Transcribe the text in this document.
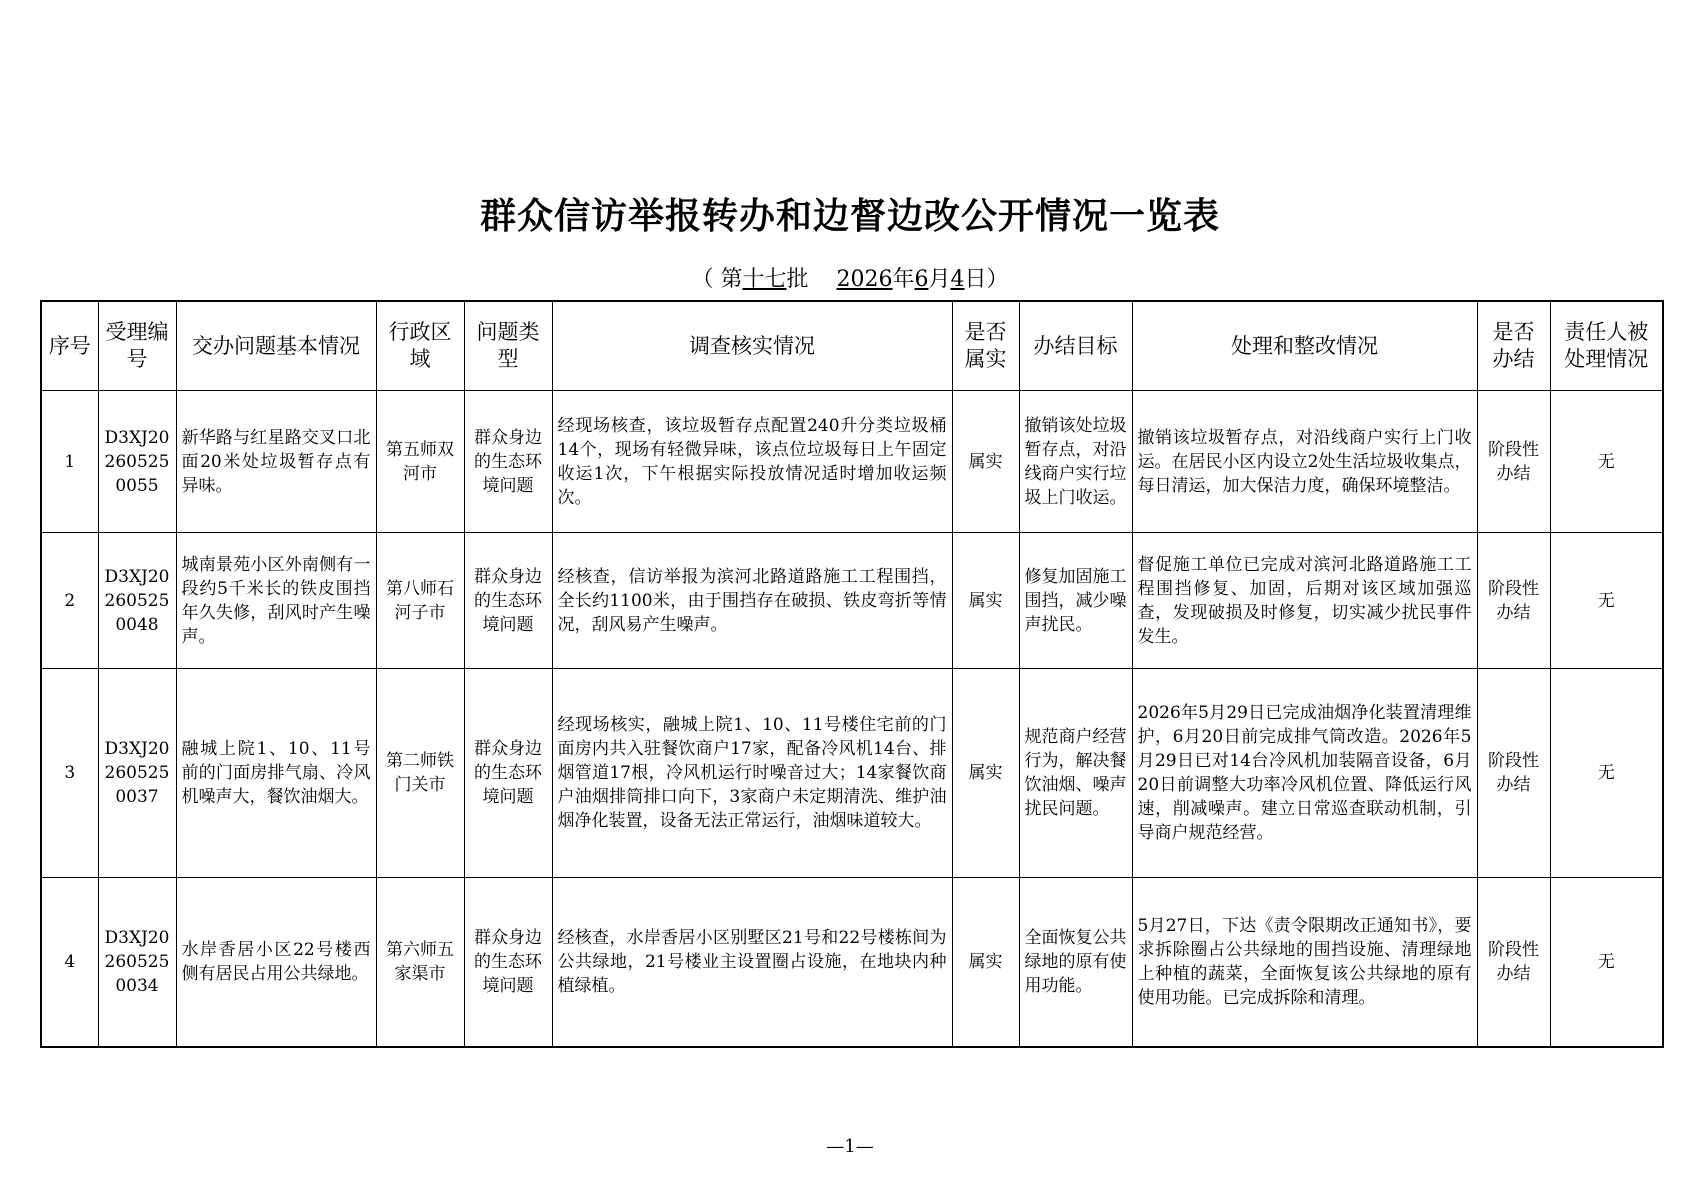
群众信访举报转办和边督边改公开情况一览表
（ 第十七批 2026年6月4日）
序号	受理编号	交办问题基本情况	行政区域	问题类型	调查核实情况	是否属实	办结目标	处理和整改情况	是否办结	责任人被处理情况
1	D3XJ202605250055	新华路与红星路交叉口北面20米处垃圾暂存点有异味。	第五师双河市	群众身边的生态环境问题	经现场核查，该垃圾暂存点配置240升分类垃圾桶14个，现场有轻微异味，该点位垃圾每日上午固定收运1次，下午根据实际投放情况适时增加收运频次。	属实	撤销该处垃圾暂存点，对沿线商户实行垃圾上门收运。	撤销该垃圾暂存点，对沿线商户实行上门收运。在居民小区内设立2处生活垃圾收集点，每日清运，加大保洁力度，确保环境整洁。	阶段性办结	无
2	D3XJ202605250048	城南景苑小区外南侧有一段约5千米长的铁皮围挡年久失修，刮风时产生噪声。	第八师石河子市	群众身边的生态环境问题	经核查，信访举报为滨河北路道路施工工程围挡，全长约1100米，由于围挡存在破损、铁皮弯折等情况，刮风易产生噪声。	属实	修复加固施工围挡，减少噪声扰民。	督促施工单位已完成对滨河北路道路施工工程围挡修复、加固，后期对该区域加强巡查，发现破损及时修复，切实减少扰民事件发生。	阶段性办结	无
3	D3XJ202605250037	融城上院1、10、11号前的门面房排气扇、冷风机噪声大，餐饮油烟大。	第二师铁门关市	群众身边的生态环境问题	经现场核实，融城上院1、10、11号楼住宅前的门面房内共入驻餐饮商户17家，配备冷风机14台、排烟管道17根，冷风机运行时噪音过大；14家餐饮商户油烟排筒排口向下，3家商户未定期清洗、维护油烟净化装置，设备无法正常运行，油烟味道较大。	属实	规范商户经营行为，解决餐饮油烟、噪声扰民问题。	2026年5月29日已完成油烟净化装置清理维护，6月20日前完成排气筒改造。2026年5月29日已对14台冷风机加装隔音设备，6月20日前调整大功率冷风机位置、降低运行风速，削减噪声。建立日常巡查联动机制，引导商户规范经营。	阶段性办结	无
4	D3XJ202605250034	水岸香居小区22号楼西侧有居民占用公共绿地。	第六师五家渠市	群众身边的生态环境问题	经核查，水岸香居小区别墅区21号和22号楼栋间为公共绿地，21号楼业主设置圈占设施，在地块内种植绿植。	属实	全面恢复公共绿地的原有使用功能。	5月27日，下达《责令限期改正通知书》，要求拆除圈占公共绿地的围挡设施、清理绿地上种植的蔬菜，全面恢复该公共绿地的原有使用功能。已完成拆除和清理。	阶段性办结	无
—1—
